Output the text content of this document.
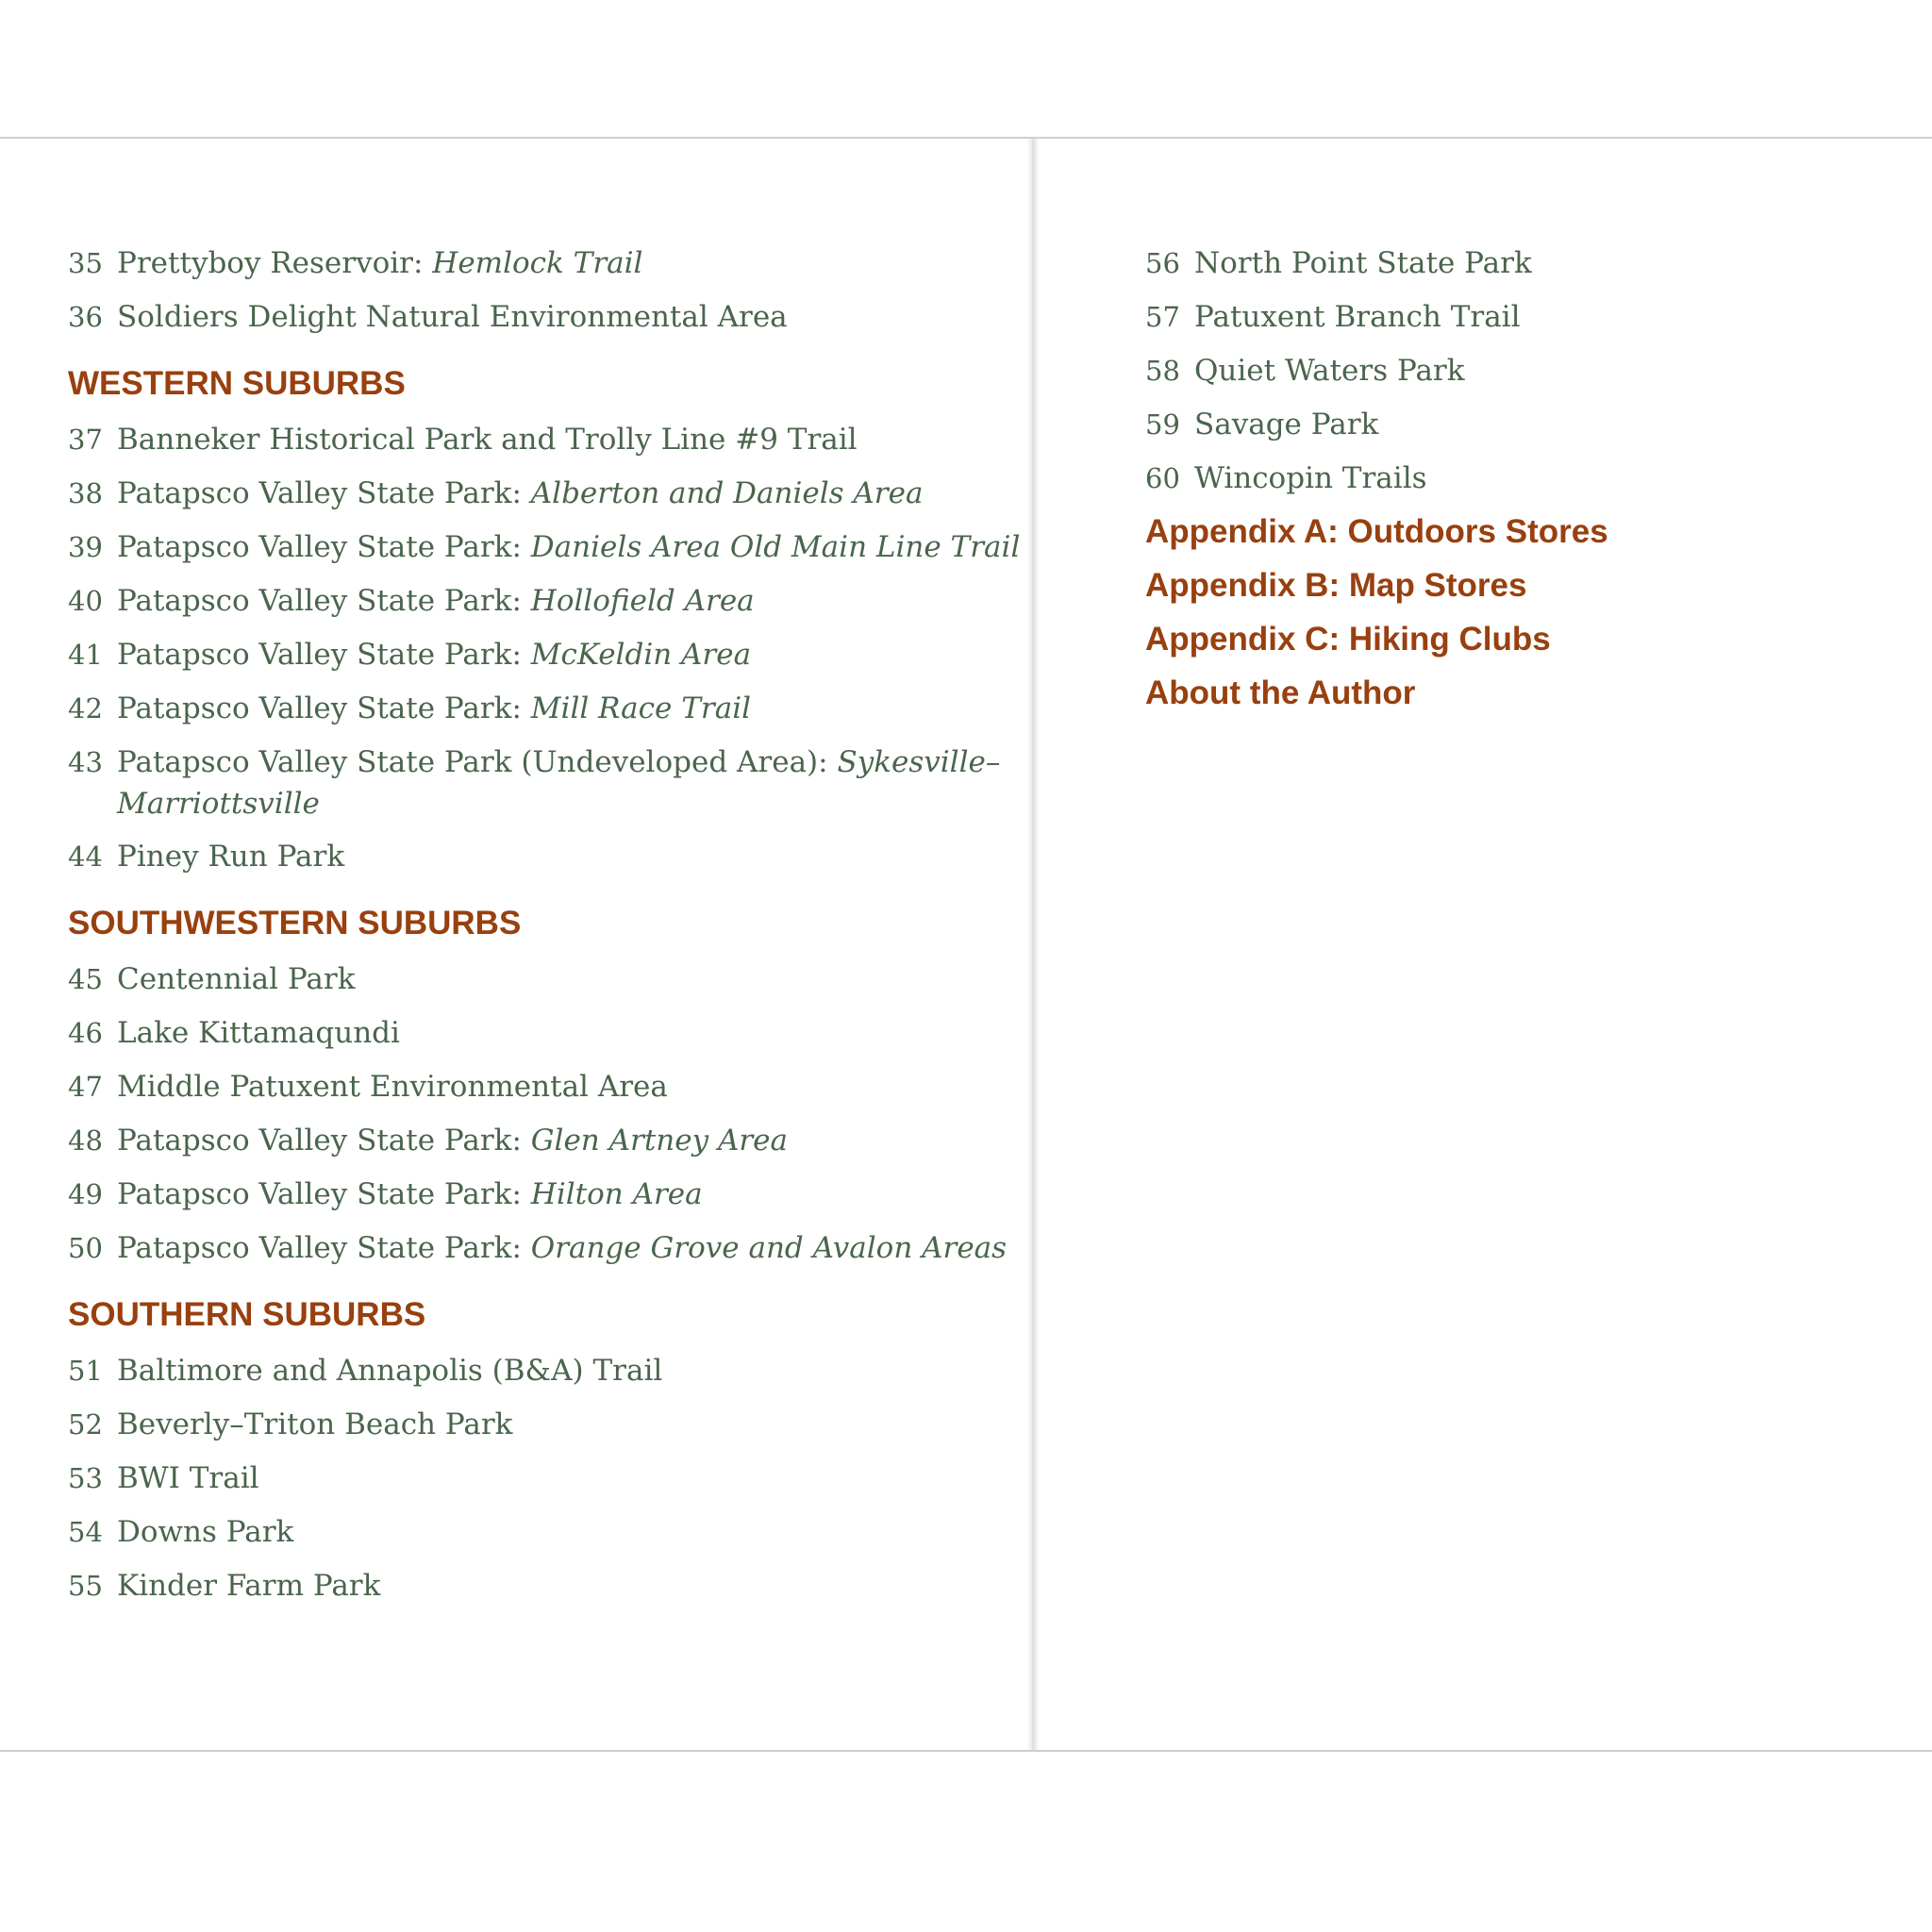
35 Prettyboy Reservoir: Hemlock Trail
36 Soldiers Delight Natural Environmental Area
WESTERN SUBURBS
37 Banneker Historical Park and Trolly Line #9 Trail
38 Patapsco Valley State Park: Alberton and Daniels Area
39 Patapsco Valley State Park: Daniels Area Old Main Line Trail
40 Patapsco Valley State Park: Hollofield Area
41 Patapsco Valley State Park: McKeldin Area
42 Patapsco Valley State Park: Mill Race Trail
43 Patapsco Valley State Park (Undeveloped Area): Sykesville–Marriottsville
44 Piney Run Park
SOUTHWESTERN SUBURBS
45 Centennial Park
46 Lake Kittamaqundi
47 Middle Patuxent Environmental Area
48 Patapsco Valley State Park: Glen Artney Area
49 Patapsco Valley State Park: Hilton Area
50 Patapsco Valley State Park: Orange Grove and Avalon Areas
SOUTHERN SUBURBS
51 Baltimore and Annapolis (B&A) Trail
52 Beverly–Triton Beach Park
53 BWI Trail
54 Downs Park
55 Kinder Farm Park
56 North Point State Park
57 Patuxent Branch Trail
58 Quiet Waters Park
59 Savage Park
60 Wincopin Trails
Appendix A: Outdoors Stores
Appendix B: Map Stores
Appendix C: Hiking Clubs
About the Author
